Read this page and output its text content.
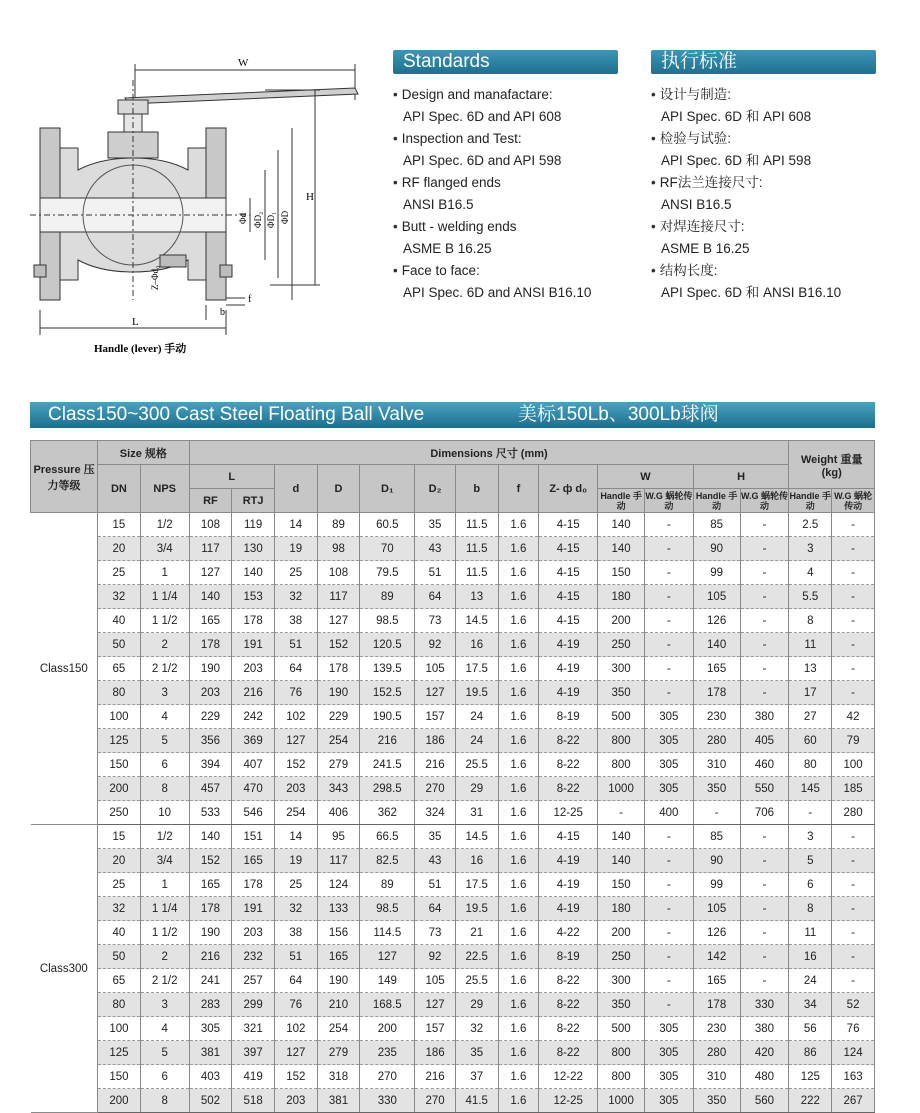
W
H
L
b
f
Φd ΦD₂ ΦD₁ ΦD
Z–Φd₀
Handle (lever) 手动
Standards
• Design and manafactare:
API Spec. 6D and API 608
• Inspection and Test:
API Spec. 6D and API 598
• RF flanged ends
ANSI B16.5
• Butt - welding ends
ASME B 16.25
• Face to face:
API Spec. 6D and ANSI B16.10
执行标准
• 设计与制造:
API Spec. 6D 和 API 608
• 检验与试验:
API Spec. 6D 和 API 598
• RF法兰连接尺寸:
ANSI B16.5
• 对焊连接尺寸:
ASME B 16.25
• 结构长度:
API Spec. 6D 和 ANSI B16.10
Class150~300 Cast Steel Floating Ball Valve	美标150Lb、300Lb球阀
Pressure 压力等级	Size 规格		Dimensions 尺寸 (mm)													Weight 重量 (kg)	
	DN	NPS	L		d	D	D₁	D₂	b	f	Z- ф d₀	W		H			
			RF	RTJ								Handle 手动	W.G 蜗轮传动	Handle 手动	W.G 蜗轮传动	Handle 手动	W.G 蜗轮传动
Class150	15	1/2	108	119	14	89	60.5	35	11.5	1.6	4-15	140	-	85	-	2.5	-
	20	3/4	117	130	19	98	70	43	11.5	1.6	4-15	140	-	90	-	3	-
	25	1	127	140	25	108	79.5	51	11.5	1.6	4-15	150	-	99	-	4	-
	32	1 1/4	140	153	32	117	89	64	13	1.6	4-15	180	-	105	-	5.5	-
	40	1 1/2	165	178	38	127	98.5	73	14.5	1.6	4-15	200	-	126	-	8	-
	50	2	178	191	51	152	120.5	92	16	1.6	4-19	250	-	140	-	11	-
	65	2 1/2	190	203	64	178	139.5	105	17.5	1.6	4-19	300	-	165	-	13	-
	80	3	203	216	76	190	152.5	127	19.5	1.6	4-19	350	-	178	-	17	-
	100	4	229	242	102	229	190.5	157	24	1.6	8-19	500	305	230	380	27	42
	125	5	356	369	127	254	216	186	24	1.6	8-22	800	305	280	405	60	79
	150	6	394	407	152	279	241.5	216	25.5	1.6	8-22	800	305	310	460	80	100
	200	8	457	470	203	343	298.5	270	29	1.6	8-22	1000	305	350	550	145	185
	250	10	533	546	254	406	362	324	31	1.6	12-25	-	400	-	706	-	280
Class300	15	1/2	140	151	14	95	66.5	35	14.5	1.6	4-15	140	-	85	-	3	-
	20	3/4	152	165	19	117	82.5	43	16	1.6	4-19	140	-	90	-	5	-
	25	1	165	178	25	124	89	51	17.5	1.6	4-19	150	-	99	-	6	-
	32	1 1/4	178	191	32	133	98.5	64	19.5	1.6	4-19	180	-	105	-	8	-
	40	1 1/2	190	203	38	156	114.5	73	21	1.6	4-22	200	-	126	-	11	-
	50	2	216	232	51	165	127	92	22.5	1.6	8-19	250	-	142	-	16	-
	65	2 1/2	241	257	64	190	149	105	25.5	1.6	8-22	300	-	165	-	24	-
	80	3	283	299	76	210	168.5	127	29	1.6	8-22	350	-	178	330	34	52
	100	4	305	321	102	254	200	157	32	1.6	8-22	500	305	230	380	56	76
	125	5	381	397	127	279	235	186	35	1.6	8-22	800	305	280	420	86	124
	150	6	403	419	152	318	270	216	37	1.6	12-22	800	305	310	480	125	163
	200	8	502	518	203	381	330	270	41.5	1.6	12-25	1000	305	350	560	222	267
